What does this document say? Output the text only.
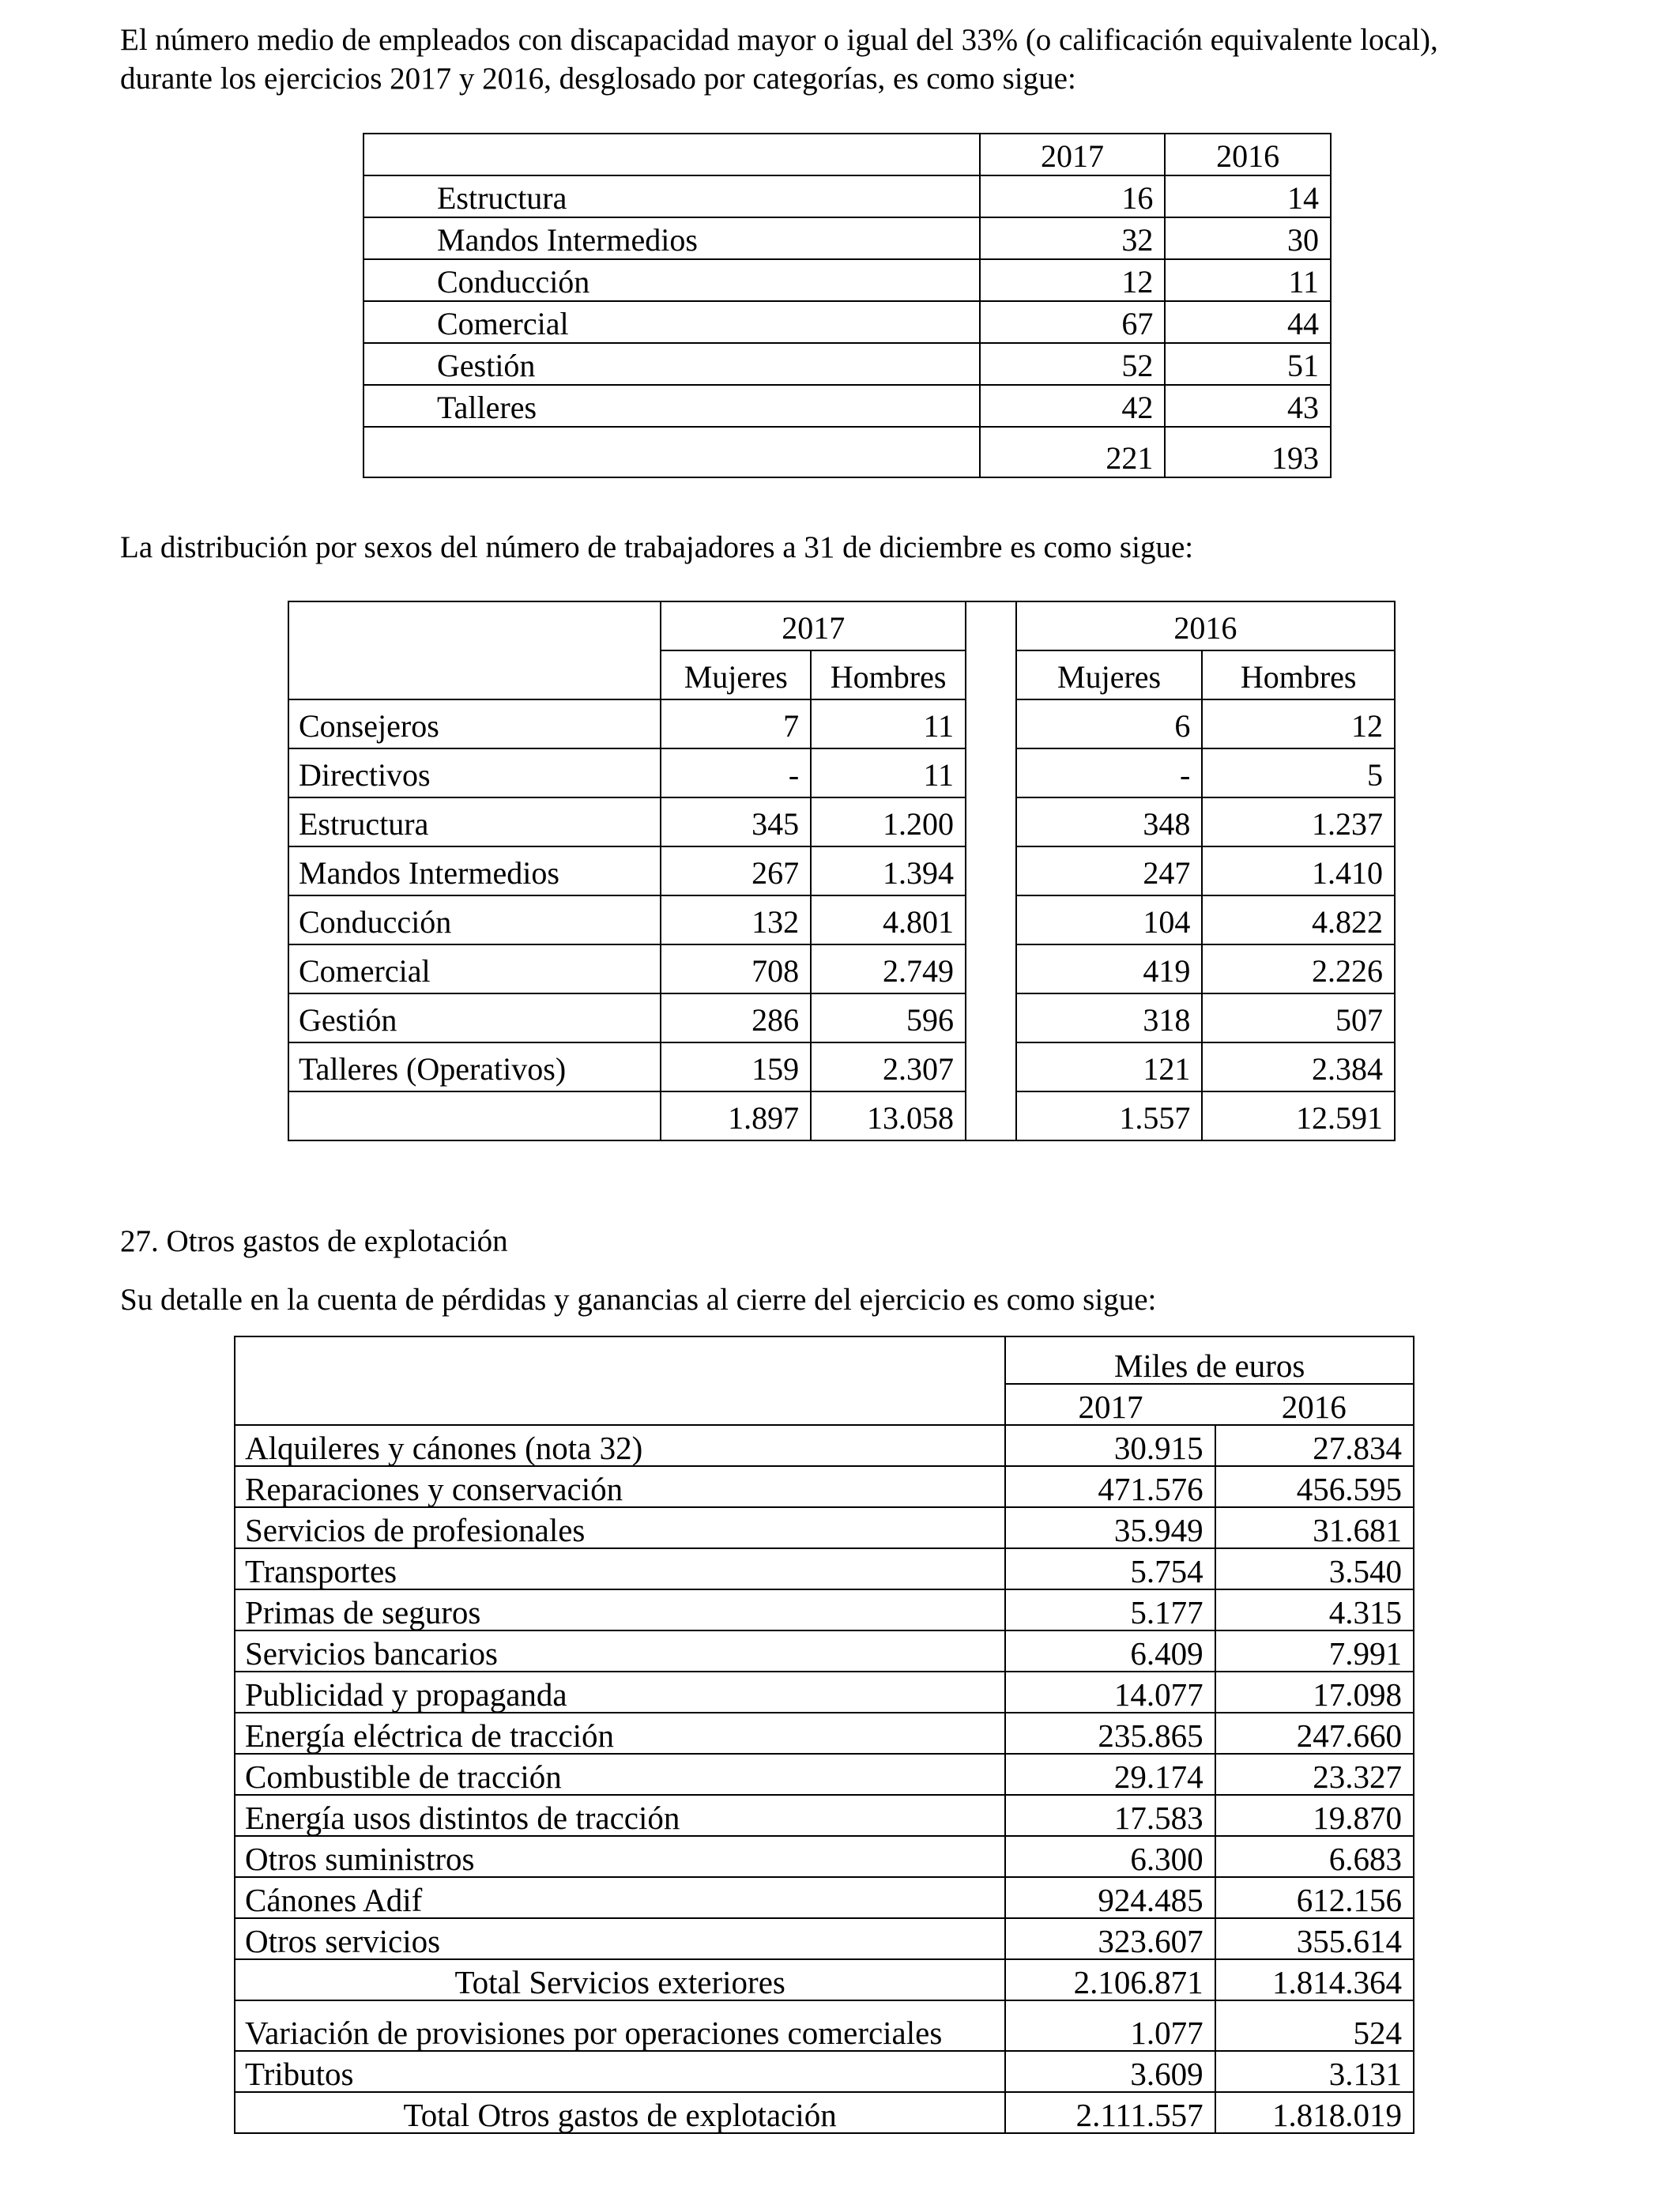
El número medio de empleados con discapacidad mayor o igual del 33% (o calificación equivalente local),
durante los ejercicios 2017 y 2016, desglosado por categorías, es como sigue:

	2017	2016
Estructura	16	14
Mandos Intermedios	32	30
Conducción	12	11
Comercial	67	44
Gestión	52	51
Talleres	42	43
	221	193

La distribución por sexos del número de trabajadores a 31 de diciembre es como sigue:

	2017			2016	
	Mujeres	Hombres		Mujeres	Hombres
Consejeros	7	11		6	12
Directivos	-	11		-	5
Estructura	345	1.200		348	1.237
Mandos Intermedios	267	1.394		247	1.410
Conducción	132	4.801		104	4.822
Comercial	708	2.749		419	2.226
Gestión	286	596		318	507
Talleres (Operativos)	159	2.307		121	2.384
	1.897	13.058		1.557	12.591

27. Otros gastos de explotación

Su detalle en la cuenta de pérdidas y ganancias al cierre del ejercicio es como sigue:

	Miles de euros	
	2017	2016
Alquileres y cánones (nota 32)	30.915	27.834
Reparaciones y conservación	471.576	456.595
Servicios de profesionales	35.949	31.681
Transportes	5.754	3.540
Primas de seguros	5.177	4.315
Servicios bancarios	6.409	7.991
Publicidad y propaganda	14.077	17.098
Energía eléctrica de tracción	235.865	247.660
Combustible de tracción	29.174	23.327
Energía usos distintos de tracción	17.583	19.870
Otros suministros	6.300	6.683
Cánones Adif	924.485	612.156
Otros servicios	323.607	355.614
Total Servicios exteriores	2.106.871	1.814.364
Variación de provisiones por operaciones comerciales	1.077	524
Tributos	3.609	3.131
Total Otros gastos de explotación	2.111.557	1.818.019
